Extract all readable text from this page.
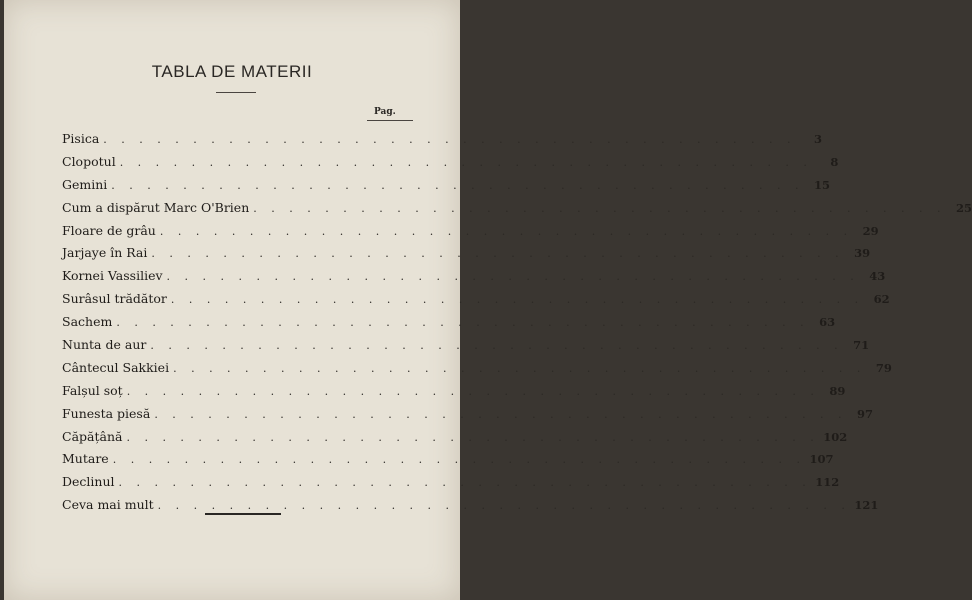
TABLA DE MATERII
Pag.
Pisica . . . . . . . . . . . . . . . . . . . . . . . . . . . . . . . . . . . . . . .	3
Clopotul . . . . . . . . . . . . . . . . . . . . . . . . . . . . . . . . . . . . . . .	8
Gemini . . . . . . . . . . . . . . . . . . . . . . . . . . . . . . . . . . . . . . . 15
Cum a dispărut Marc O'Brien . . . . . . . . . . . . . . . . . . . . . . . . . . . . . . . . . . . . . . . 25
Floare de grâu . . . . . . . . . . . . . . . . . . . . . . . . . . . . . . . . . . . . . . . 29
Jarjaye în Rai . . . . . . . . . . . . . . . . . . . . . . . . . . . . . . . . . . . . . . . 39
Kornei Vassiliev . . . . . . . . . . . . . . . . . . . . . . . . . . . . . . . . . . . . . . . 43
Surâsul trădător . . . . . . . . . . . . . . . . . . . . . . . . . . . . . . . . . . . . . . . 62
Sachem . . . . . . . . . . . . . . . . . . . . . . . . . . . . . . . . . . . . . . . 63
Nunta de aur . . . . . . . . . . . . . . . . . . . . . . . . . . . . . . . . . . . . . . . 71
Cântecul Sakkiei . . . . . . . . . . . . . . . . . . . . . . . . . . . . . . . . . . . . . . . 79
Falșul soț . . . . . . . . . . . . . . . . . . . . . . . . . . . . . . . . . . . . . . . 89
Funesta piesă . . . . . . . . . . . . . . . . . . . . . . . . . . . . . . . . . . . . . . . 97
Căpățână . . . . . . . . . . . . . . . . . . . . . . . . . . . . . . . . . . . . . . . 102
Mutare . . . . . . . . . . . . . . . . . . . . . . . . . . . . . . . . . . . . . . . 107
Declinul . . . . . . . . . . . . . . . . . . . . . . . . . . . . . . . . . . . . . . . 112
Ceva mai mult . . . . . . . . . . . . . . . . . . . . . . . . . . . . . . . . . . . . . . . 121
